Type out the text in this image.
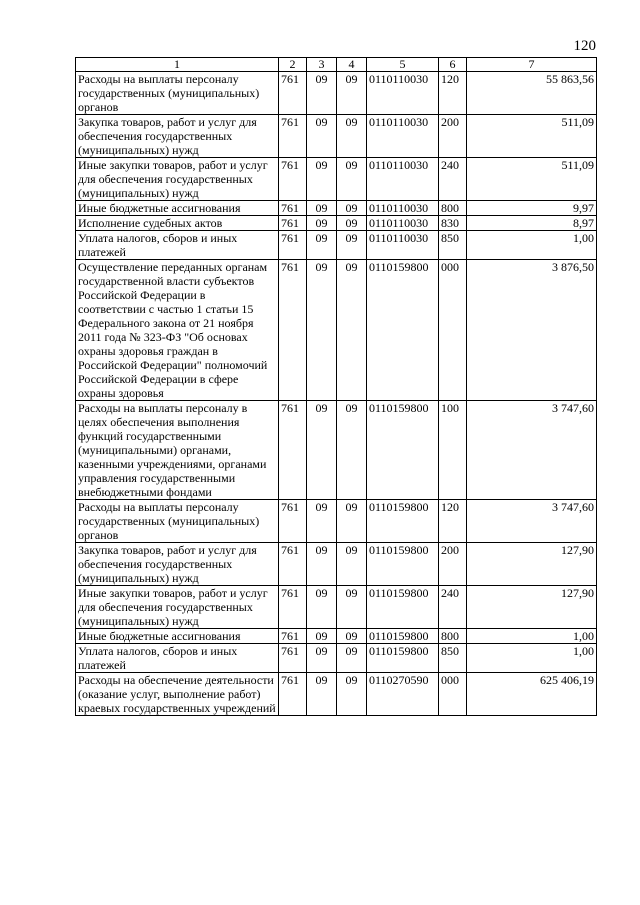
120
1	2	3	4	5	6	7
Расходы на выплаты персоналу государственных (муниципальных) органов	761	09	09	0110110030	120	55 863,56
Закупка товаров, работ и услуг для обеспечения государственных (муниципальных) нужд	761	09	09	0110110030	200	511,09
Иные закупки товаров, работ и услуг для обеспечения государственных (муниципальных) нужд	761	09	09	0110110030	240	511,09
Иные бюджетные ассигнования	761	09	09	0110110030	800	9,97
Исполнение судебных актов	761	09	09	0110110030	830	8,97
Уплата налогов, сборов и иных платежей	761	09	09	0110110030	850	1,00
Осуществление переданных органам государственной власти субъектов Российской Федерации в соответствии с частью 1 статьи 15 Федерального закона от 21 ноября 2011 года № 323-ФЗ "Об основах охраны здоровья граждан в Российской Федерации" полномочий Российской Федерации в сфере охраны здоровья	761	09	09	0110159800	000	3 876,50
Расходы на выплаты персоналу в целях обеспечения выполнения функций государственными (муниципальными) органами, казенными учреждениями, органами управления государственными внебюджетными фондами	761	09	09	0110159800	100	3 747,60
Расходы на выплаты персоналу государственных (муниципальных) органов	761	09	09	0110159800	120	3 747,60
Закупка товаров, работ и услуг для обеспечения государственных (муниципальных) нужд	761	09	09	0110159800	200	127,90
Иные закупки товаров, работ и услуг для обеспечения государственных (муниципальных) нужд	761	09	09	0110159800	240	127,90
Иные бюджетные ассигнования	761	09	09	0110159800	800	1,00
Уплата налогов, сборов и иных платежей	761	09	09	0110159800	850	1,00
Расходы на обеспечение деятельности (оказание услуг, выполнение работ) краевых государственных учреждений	761	09	09	0110270590	000	625 406,19
